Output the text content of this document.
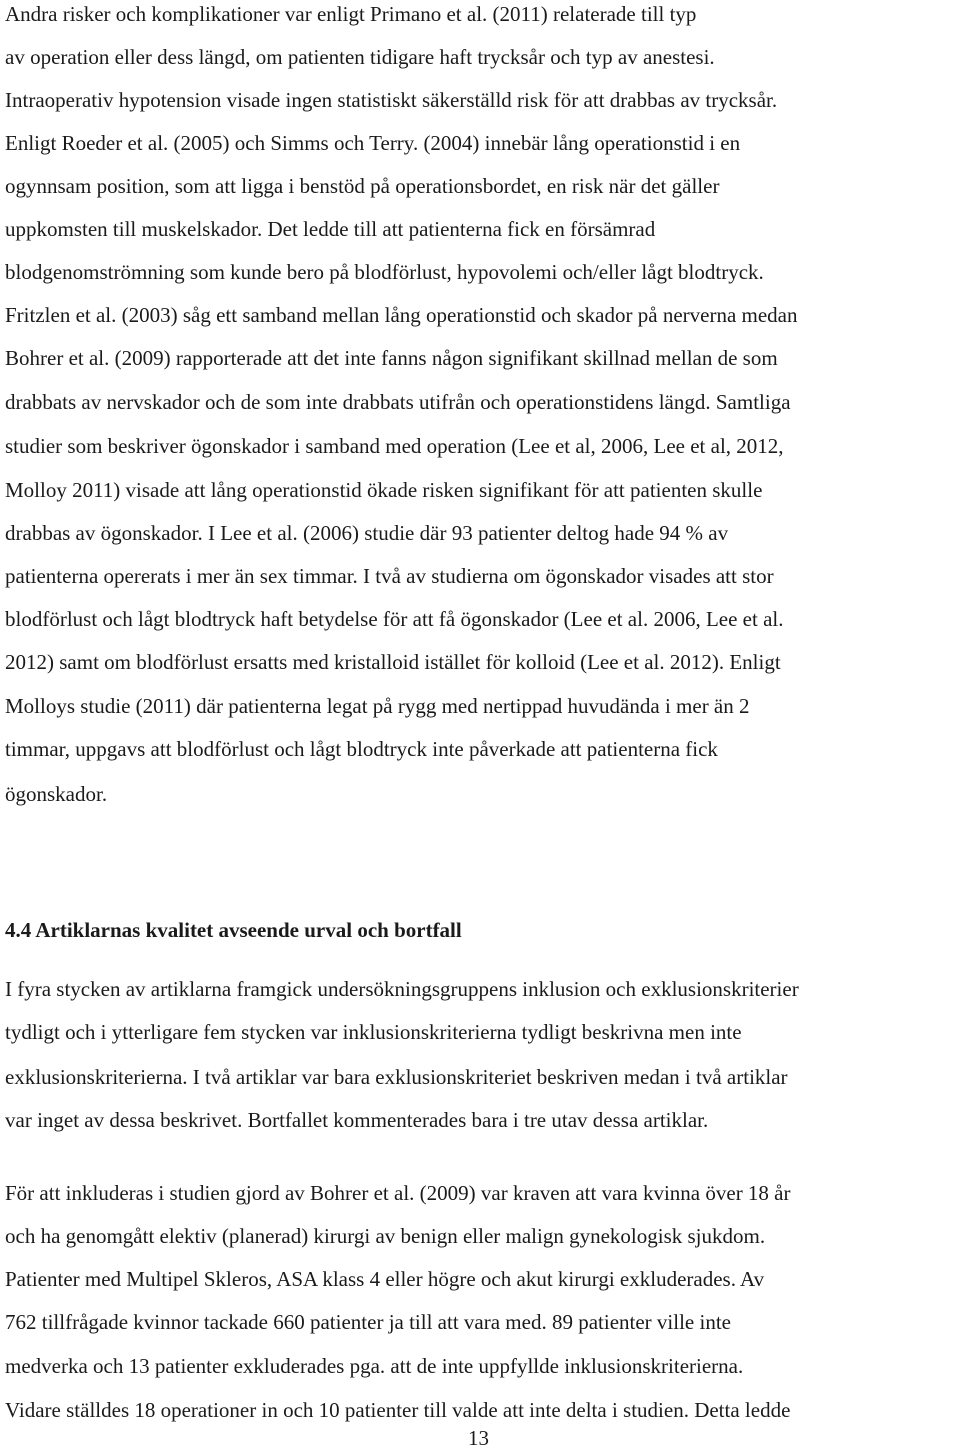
Andra risker och komplikationer var enligt Primano et al. (2011) relaterade till typ
av operation eller dess längd, om patienten tidigare haft trycksår och typ av anestesi.
Intraoperativ hypotension visade ingen statistiskt säkerställd risk för att drabbas av trycksår.
Enligt Roeder et al. (2005) och Simms och Terry. (2004) innebär lång operationstid i en
ogynnsam position, som att ligga i benstöd på operationsbordet, en risk när det gäller
uppkomsten till muskelskador. Det ledde till att patienterna fick en försämrad
blodgenomströmning som kunde bero på blodförlust, hypovolemi och/eller lågt blodtryck.
Fritzlen et al. (2003) såg ett samband mellan lång operationstid och skador på nerverna medan
Bohrer et al. (2009) rapporterade att det inte fanns någon signifikant skillnad mellan de som
drabbats av nervskador och de som inte drabbats utifrån och operationstidens längd. Samtliga
studier som beskriver ögonskador i samband med operation (Lee et al, 2006, Lee et al, 2012,
Molloy 2011) visade att lång operationstid ökade risken signifikant för att patienten skulle
drabbas av ögonskador. I Lee et al. (2006) studie där 93 patienter deltog hade 94 % av
patienterna opererats i mer än sex timmar. I två av studierna om ögonskador visades att stor
blodförlust och lågt blodtryck haft betydelse för att få ögonskador (Lee et al. 2006, Lee et al.
2012) samt om blodförlust ersatts med kristalloid istället för kolloid (Lee et al. 2012). Enligt
Molloys studie (2011) där patienterna legat på rygg med nertippad huvudända i mer än 2
timmar, uppgavs att blodförlust och lågt blodtryck inte påverkade att patienterna fick
ögonskador.
4.4 Artiklarnas kvalitet avseende urval och bortfall
I fyra stycken av artiklarna framgick undersökningsgruppens inklusion och exklusionskriterier
tydligt och i ytterligare fem stycken var inklusionskriterierna tydligt beskrivna men inte
exklusionskriterierna. I två artiklar var bara exklusionskriteriet beskriven medan i två artiklar
var inget av dessa beskrivet. Bortfallet kommenterades bara i tre utav dessa artiklar.
För att inkluderas i studien gjord av Bohrer et al. (2009) var kraven att vara kvinna över 18 år
och ha genomgått elektiv (planerad) kirurgi av benign eller malign gynekologisk sjukdom.
Patienter med Multipel Skleros, ASA klass 4 eller högre och akut kirurgi exkluderades. Av
762 tillfrågade kvinnor tackade 660 patienter ja till att vara med. 89 patienter ville inte
medverka och 13 patienter exkluderades pga. att de inte uppfyllde inklusionskriterierna.
Vidare ställdes 18 operationer in och 10 patienter till valde att inte delta i studien. Detta ledde
13
